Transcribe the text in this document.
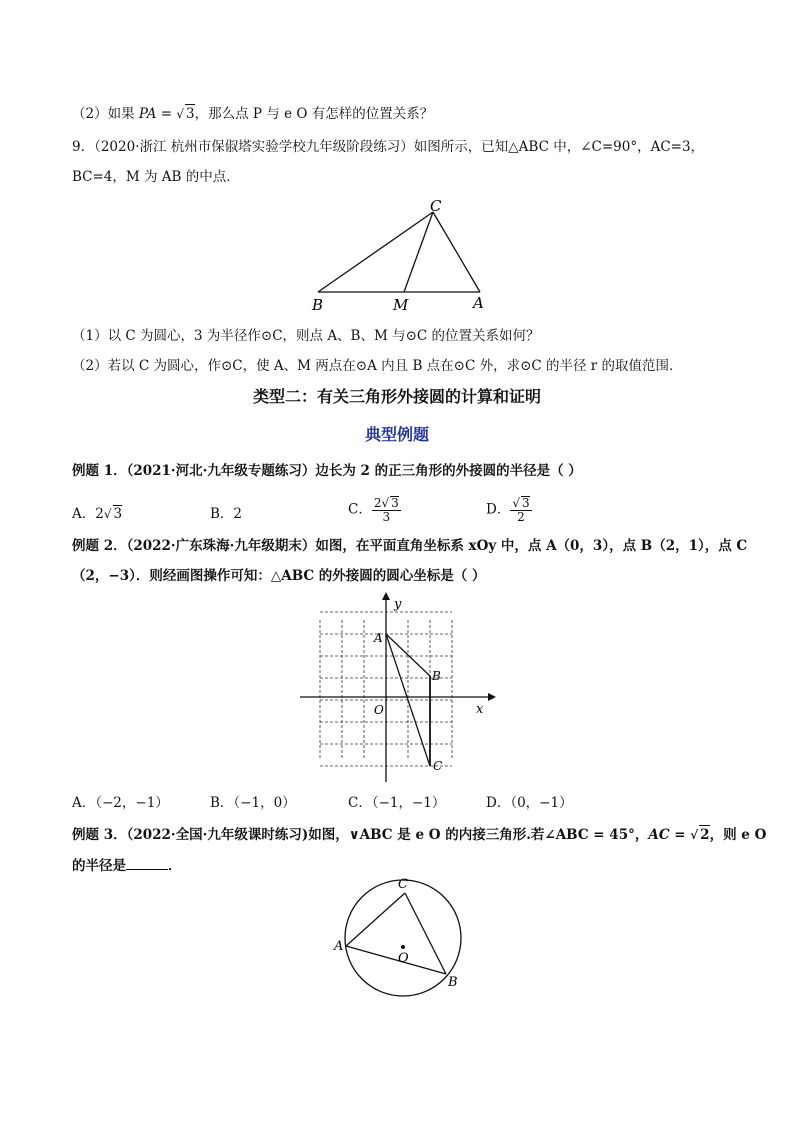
（2）如果 PA = √ 3，那么点 P 与 e O 有怎样的位置关系？
9．（2020·浙江 杭州市保俶塔实验学校九年级阶段练习）如图所示，已知△ABC 中，∠C=90°，AC=3，
BC=4，M 为 AB 的中点．
C
B	M	A
（1）以 C 为圆心，3 为半径作⊙C，则点 A、B、M 与⊙C 的位置关系如何？
（2）若以 C 为圆心，作⊙C，使 A、M 两点在⊙A 内且 B 点在⊙C 外，求⊙C 的半径 r 的取值范围．
类型二：有关三角形外接圆的计算和证明
典型例题
例题 1．（2021·河北·九年级专题练习）边长为 2 的正三角形的外接圆的半径是（ ）
A．2√ 3	B．2	C． $\frac{2√ 3}{3}$	D． $\frac{√ 3}{2}$
例题 2．（2022·广东珠海·九年级期末）如图，在平面直角坐标系 xOy 中，点 A（0，3），点 B（2，1），点 C
（2，−3）．则经画图操作可知：△ABC 的外接圆的圆心坐标是（ ）
y
x
O
A
B
C
A．（−2，−1）	B．（−1，0）	C．（−1，−1）	D．（0，−1）
例题 3．（2022·全国·九年级课时练习)如图，∨ABC 是 e O 的内接三角形.若∠ABC = 45°，AC = √ 2，则 e O
的半径是	．
C
A
O
B
